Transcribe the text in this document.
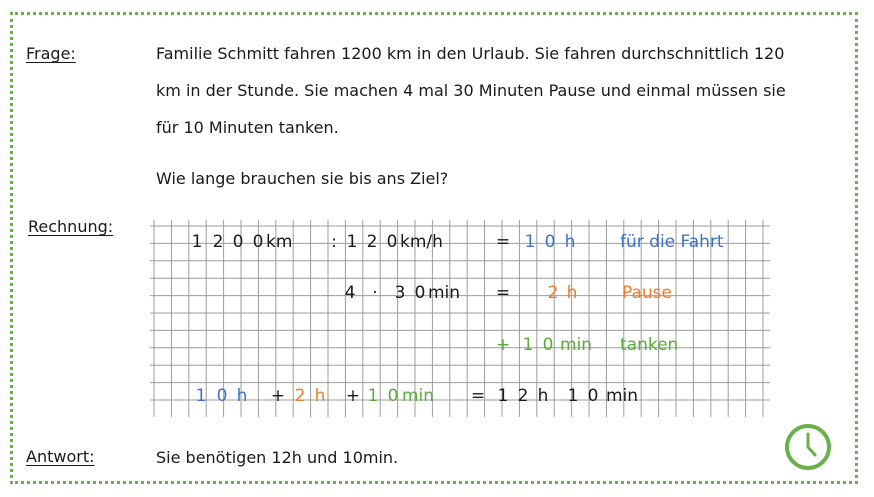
Frage:	Familie Schmitt fahren 1200 km in den Urlaub. Sie fahren durchschnittlich 120
km in der Stunde. Sie machen 4 mal 30 Minuten Pause und einmal müssen sie
für 10 Minuten tanken.
Wie lange brauchen sie bis ans Ziel?
Rechnung:
1 2 0 0 km	: 1 2 0 km/h	= 1 0 h	für die Fahrt
4 · 3 0 min = 2 h	Pause
+ 1 0 min tanken
1 0 h + 2 h + 1 0 min = 1 2 h 1 0 min
Antwort:	Sie benötigen 12h und 10min.
